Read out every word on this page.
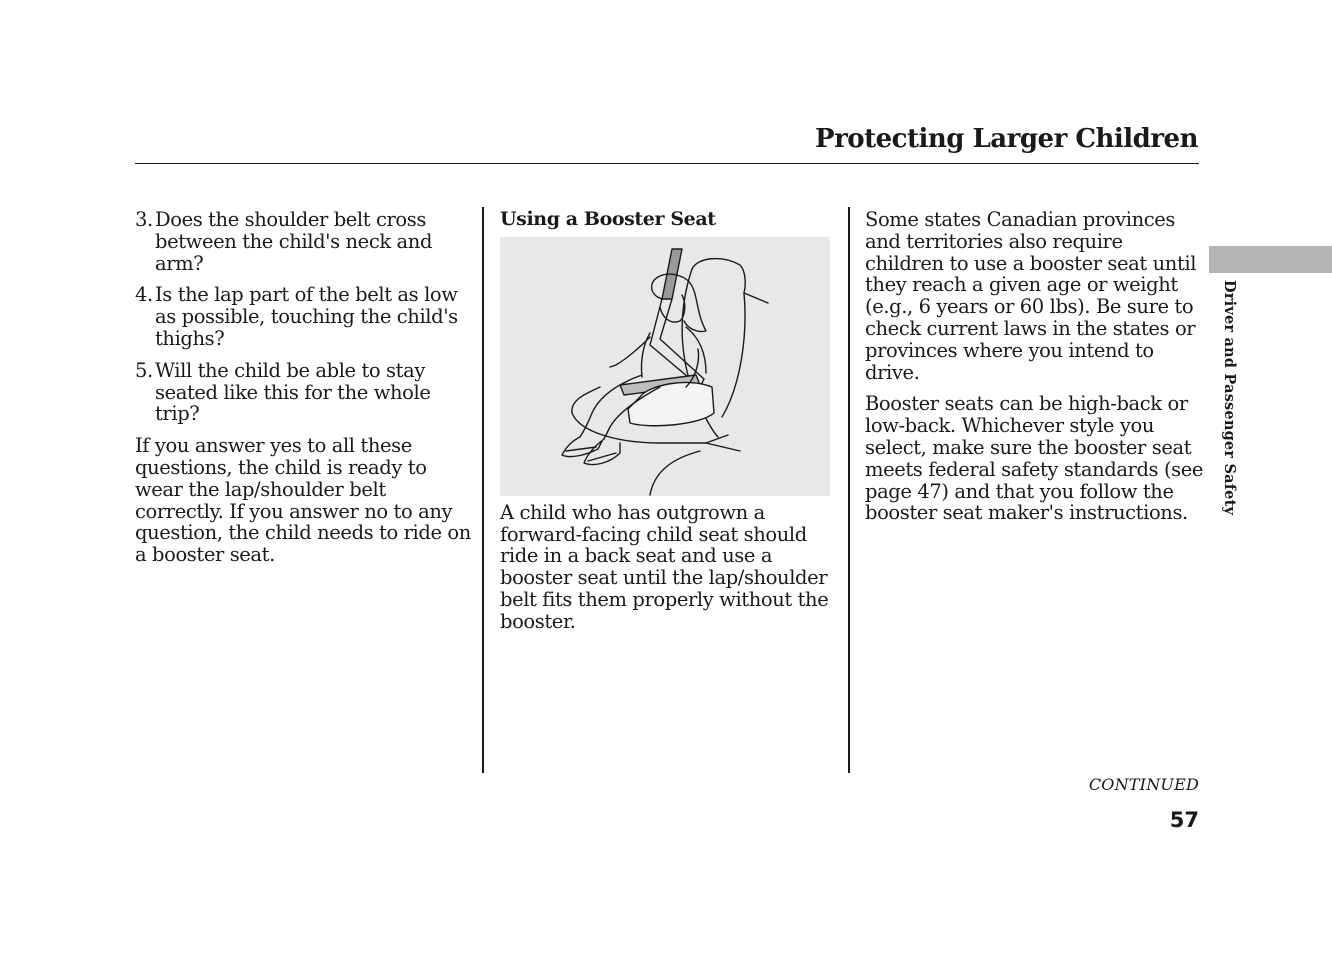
Protecting Larger Children
3. Does the shoulder belt cross between the child's neck and arm?
4. Is the lap part of the belt as low as possible, touching the child's thighs?
5. Will the child be able to stay seated like this for the whole trip?

If you answer yes to all these questions, the child is ready to wear the lap/shoulder belt correctly. If you answer no to any question, the child needs to ride on a booster seat.

Using a Booster Seat

A child who has outgrown a forward-facing child seat should ride in a back seat and use a booster seat until the lap/shoulder belt fits them properly without the booster.

Some states Canadian provinces and territories also require children to use a booster seat until they reach a given age or weight (e.g., 6 years or 60 lbs). Be sure to check current laws in the states or provinces where you intend to drive.

Booster seats can be high-back or low-back. Whichever style you select, make sure the booster seat meets federal safety standards (see page 47) and that you follow the booster seat maker's instructions.	Driver and Passenger Safety
CONTINUED
57
